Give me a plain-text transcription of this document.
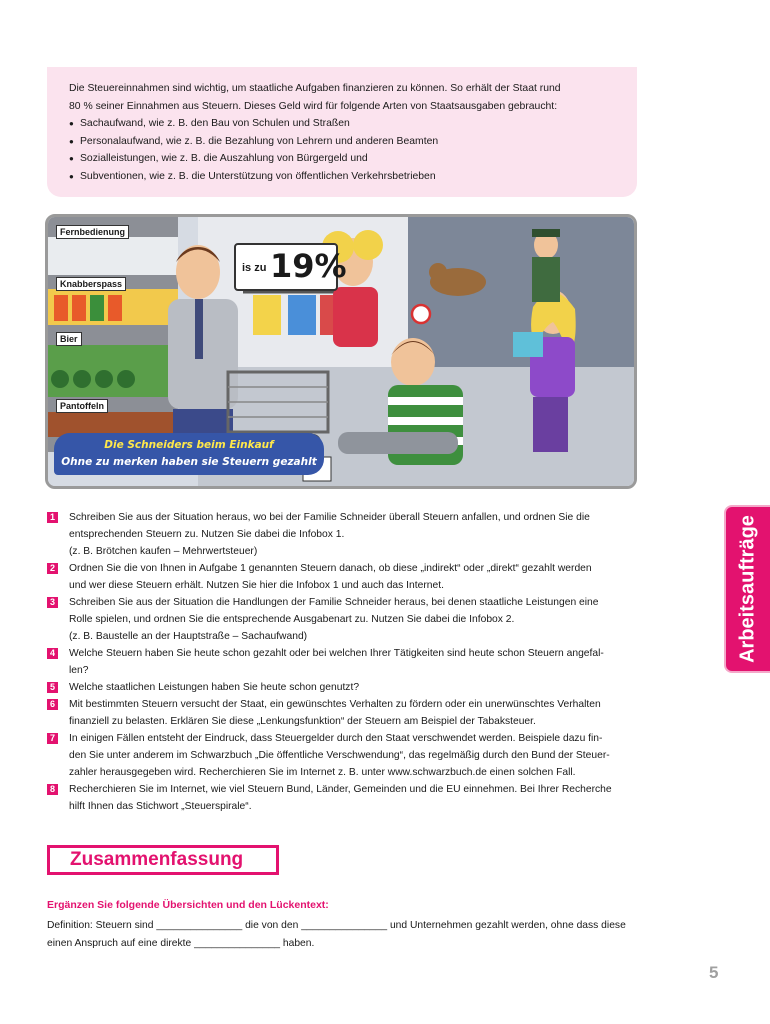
Die Steuereinnahmen sind wichtig, um staatliche Aufgaben finanzieren zu können. So erhält der Staat rund

80 % seiner Einnahmen aus Steuern. Dieses Geld wird für folgende Arten von Staatsausgaben gebraucht:

● Sachaufwand, wie z. B. den Bau von Schulen und Straßen
● Personalaufwand, wie z. B. die Bezahlung von Lehrern und anderen Beamten
● Sozialleistungen, wie z. B. die Auszahlung von Bürgergeld und
● Subventionen, wie z. B. die Unterstützung von öffentlichen Verkehrsbetrieben
is zu 19%
Fernbedienung
Knabberspass
Bier
Pantoffeln
Die Schneiders beim Einkauf
Ohne zu merken haben sie Steuern gezahlt
Arbeitsaufträge
1 Schreiben Sie aus der Situation heraus, wo bei der Familie Schneider überall Steuern anfallen, und ordnen Sie die
entsprechenden Steuern zu. Nutzen Sie dabei die Infobox 1.
(z. B. Brötchen kaufen – Mehrwertsteuer)
2 Ordnen Sie die von Ihnen in Aufgabe 1 genannten Steuern danach, ob diese „indirekt“ oder „direkt“ gezahlt werden
und wer diese Steuern erhält. Nutzen Sie hier die Infobox 1 und auch das Internet.
3 Schreiben Sie aus der Situation die Handlungen der Familie Schneider heraus, bei denen staatliche Leistungen eine
Rolle spielen, und ordnen Sie die entsprechende Ausgabenart zu. Nutzen Sie dabei die Infobox 2.
(z. B. Baustelle an der Hauptstraße – Sachaufwand)
4 Welche Steuern haben Sie heute schon gezahlt oder bei welchen Ihrer Tätigkeiten sind heute schon Steuern angefal-
len?
5 Welche staatlichen Leistungen haben Sie heute schon genutzt?
6 Mit bestimmten Steuern versucht der Staat, ein gewünschtes Verhalten zu fördern oder ein unerwünschtes Verhalten
finanziell zu belasten. Erklären Sie diese „Lenkungsfunktion“ der Steuern am Beispiel der Tabaksteuer.
7 In einigen Fällen entsteht der Eindruck, dass Steuergelder durch den Staat verschwendet werden. Beispiele dazu fin-
den Sie unter anderem im Schwarzbuch „Die öffentliche Verschwendung“, das regelmäßig durch den Bund der Steuer-
zahler herausgegeben wird. Recherchieren Sie im Internet z. B. unter www.schwarzbuch.de einen solchen Fall.
8 Recherchieren Sie im Internet, wie viel Steuern Bund, Länder, Gemeinden und die EU einnehmen. Bei Ihrer Recherche
hilft Ihnen das Stichwort „Steuerspirale“.
Zusammenfassung
Ergänzen Sie folgende Übersichten und den Lückentext:
Definition: Steuern sind _______________ die von den _______________ und Unternehmen gezahlt werden, ohne dass diese
einen Anspruch auf eine direkte _______________ haben.
5
